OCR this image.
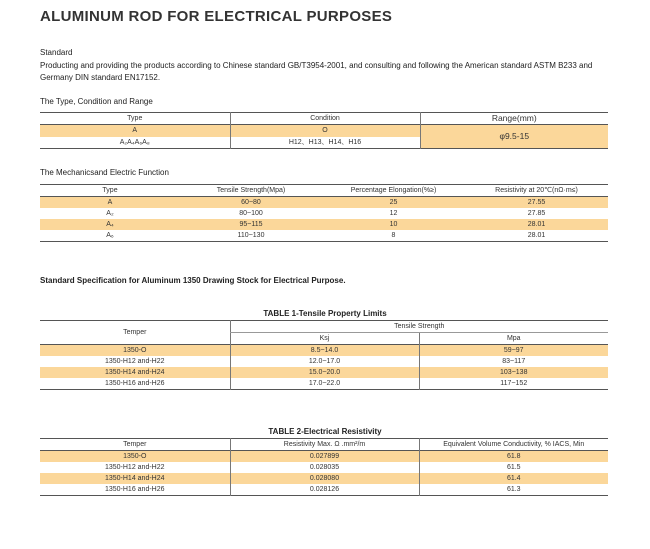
ALUMINUM ROD FOR ELECTRICAL PURPOSES
Standard
Producting and providing the products according to Chinese standard GB/T3954-2001, and consulting and following the American standard ASTM B233 and
Germany DIN standard EN17152.
The Type, Condition and Range
Type	Condition	Range(mm)
A	O	φ9.5-15
A₂A₄A₆A₈	H12、H13、H14、H16	
The Mechanicsand Electric Function
Type	Tensile Strength(Mpa)	Percentage Elongation(%≥)	Resistivity at 20℃(nΩ·m≤)
A	60~80	25	27.55
A₂	80~100	12	27.85
A₄	95~115	10	28.01
A₆	110~130	8	28.01
Standard Specification for Aluminum 1350 Drawing Stock for Electrical Purpose.
TABLE 1-Tensile Property Limits
Temper	Tensile Strength	
	Ksj	Mpa
1350-O	8.5~14.0	59~97
1350-H12 and-H22	12.0~17.0	83~117
1350-H14 and-H24	15.0~20.0	103~138
1350-H16 and-H26	17.0~22.0	117~152
TABLE 2-Electrical Resistivity
Temper	Resistivity Max. Ω .mm²/m	Equivalent Volume Conductivity, % IACS, Min
1350-O	0.027899	61.8
1350-H12 and-H22	0.028035	61.5
1350-H14 and-H24	0.028080	61.4
1350-H16 and-H26	0.028126	61.3
